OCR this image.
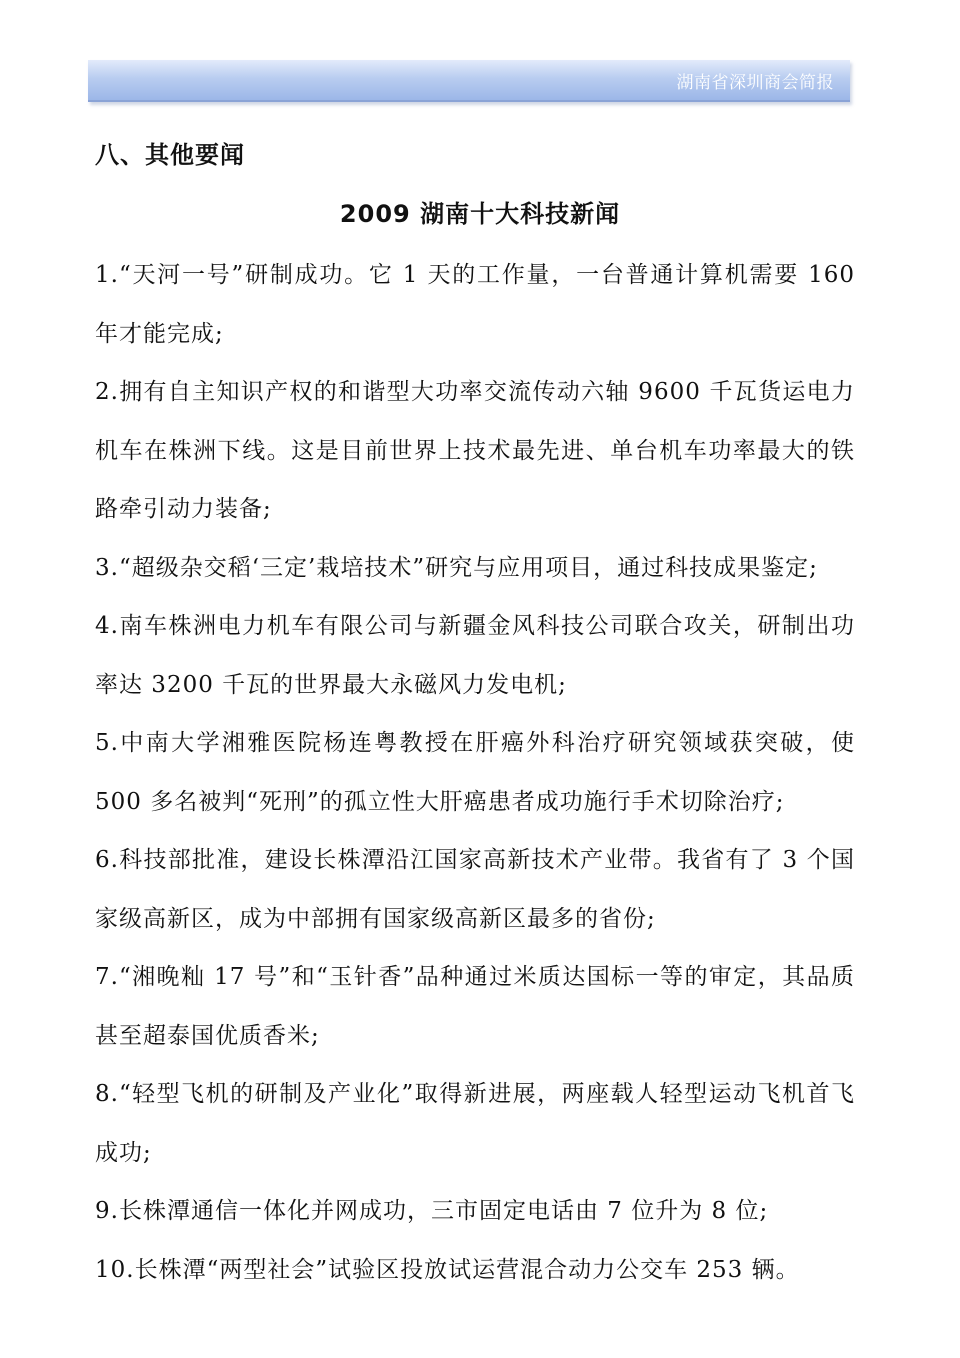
湖南省深圳商会简报
八、其他要闻
2009 湖南十大科技新闻
1.“天河一号”研制成功。它 1 天的工作量，一台普通计算机需要 160 年才能完成;
2.拥有自主知识产权的和谐型大功率交流传动六轴 9600 千瓦货运电力机车在株洲下线。这是目前世界上技术最先进、单台机车功率最大的铁路牵引动力装备;
3.“超级杂交稻‘三定’栽培技术”研究与应用项目，通过科技成果鉴定;
4.南车株洲电力机车有限公司与新疆金风科技公司联合攻关，研制出功率达 3200 千瓦的世界最大永磁风力发电机;
5.中南大学湘雅医院杨连粤教授在肝癌外科治疗研究领域获突破，使 500 多名被判“死刑”的孤立性大肝癌患者成功施行手术切除治疗;
6.科技部批准，建设长株潭沿江国家高新技术产业带。我省有了 3 个国家级高新区，成为中部拥有国家级高新区最多的省份;
7.“湘晚籼 17 号”和“玉针香”品种通过米质达国标一等的审定，其品质甚至超泰国优质香米;
8.“轻型飞机的研制及产业化”取得新进展，两座载人轻型运动飞机首飞成功;
9.长株潭通信一体化并网成功，三市固定电话由 7 位升为 8 位;
10.长株潭“两型社会”试验区投放试运营混合动力公交车 253 辆。
